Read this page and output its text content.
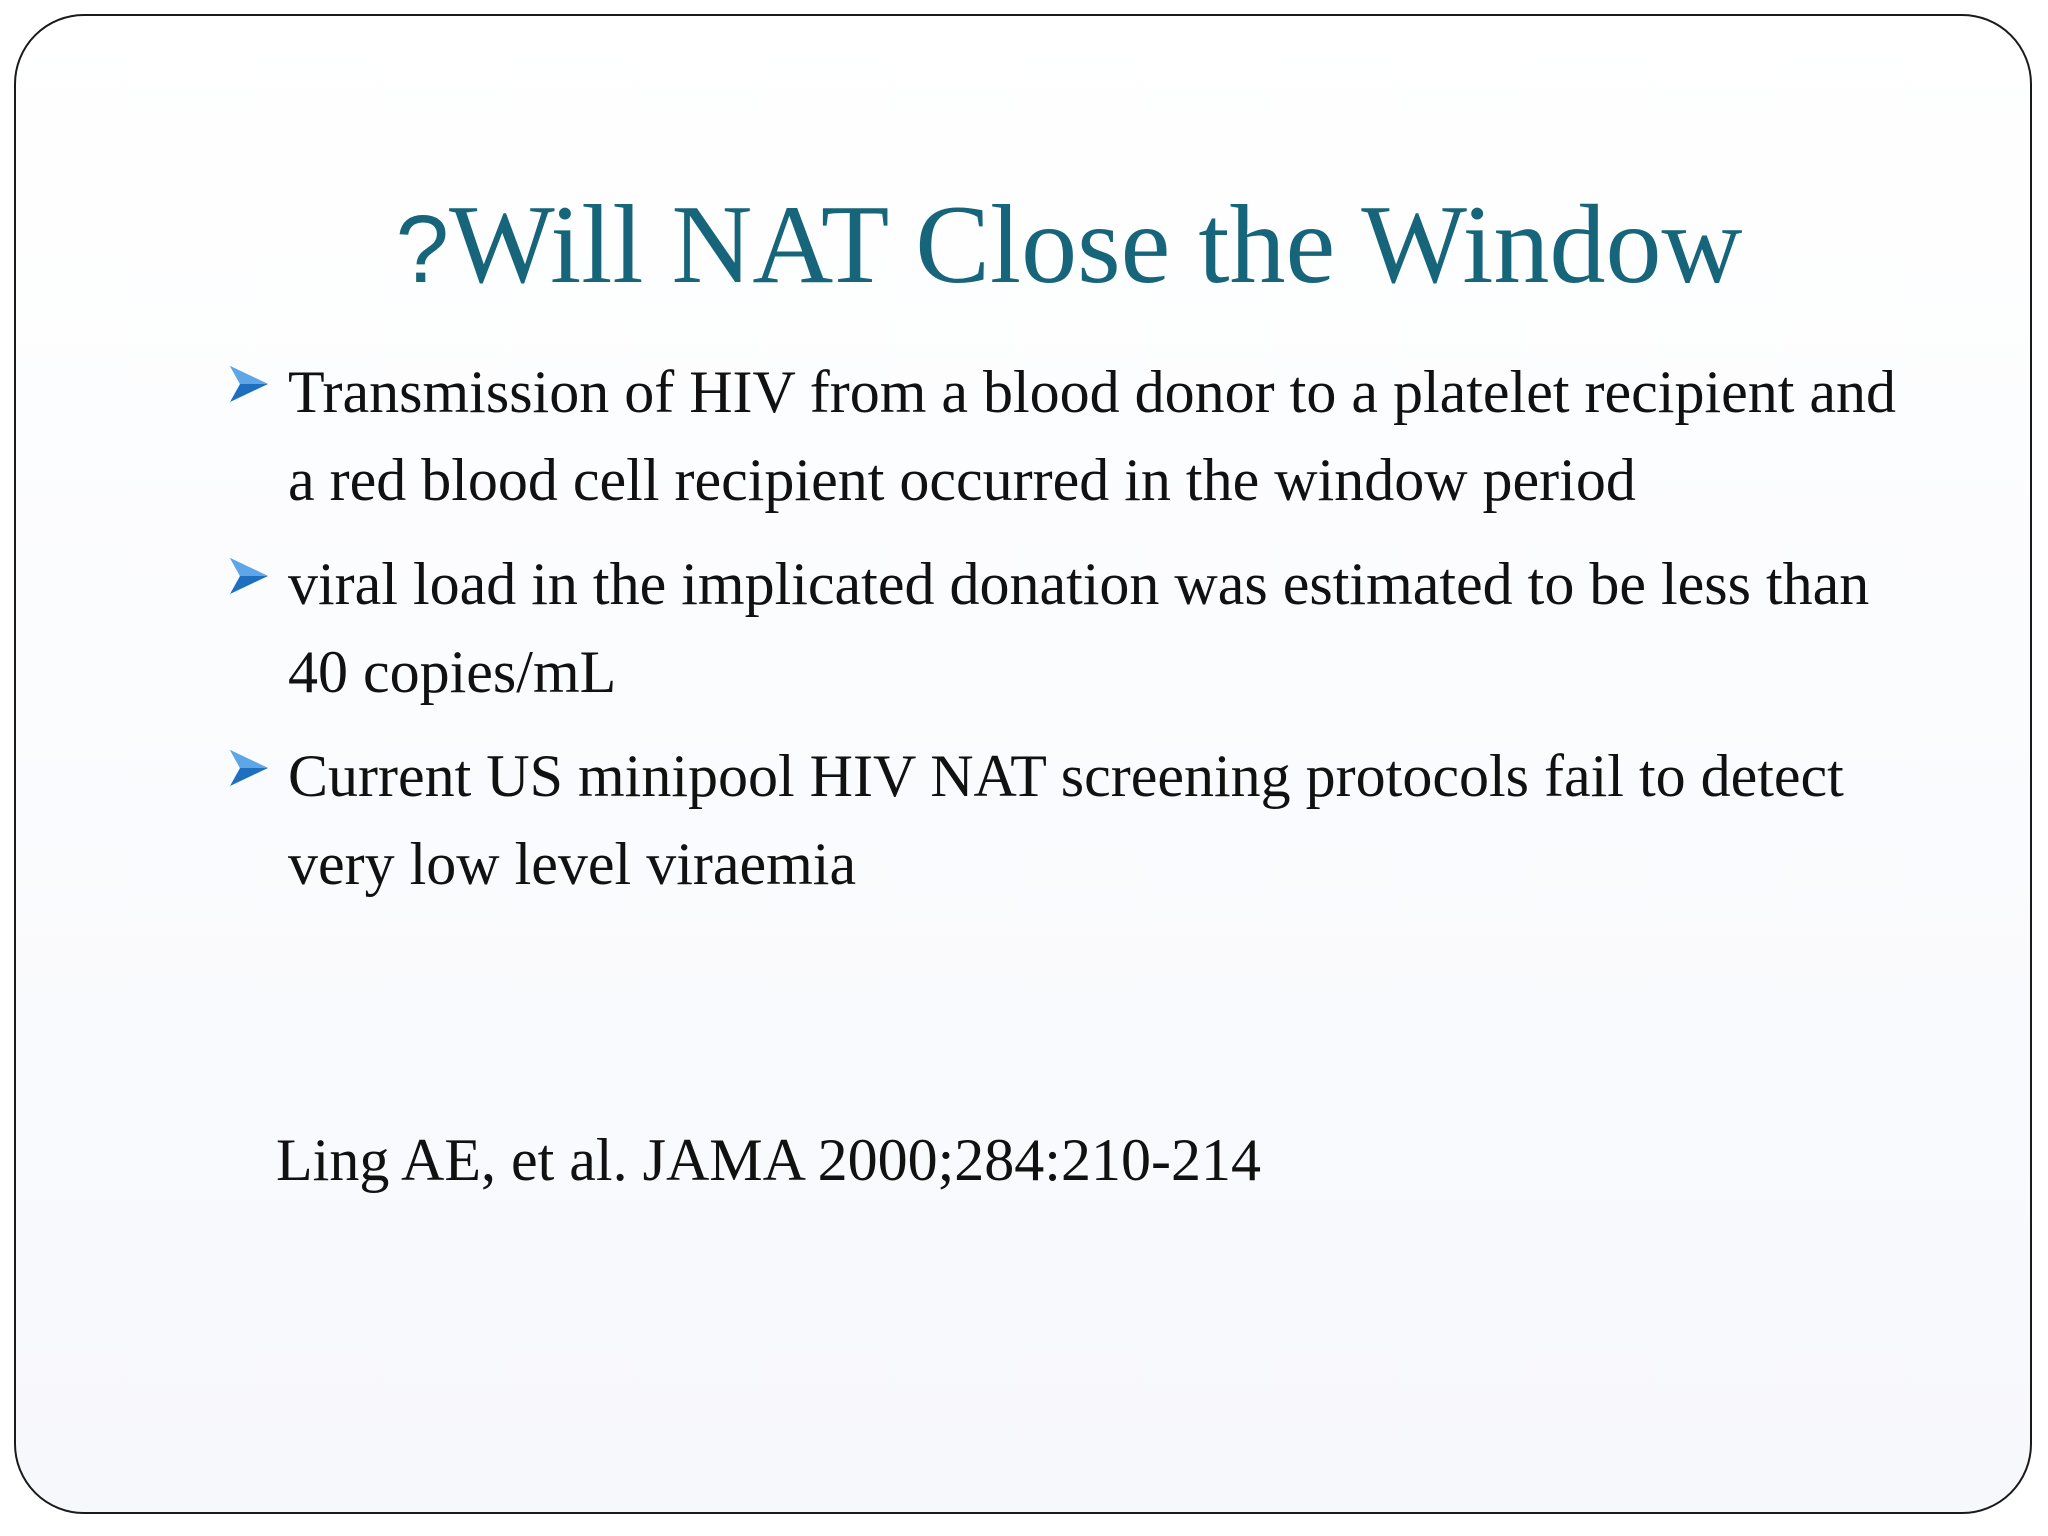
?Will NAT Close the Window
Transmission of HIV from a blood donor to a platelet recipient and a red blood cell recipient occurred in the window period
viral load in the implicated donation was estimated to be less than 40 copies/mL
Current US minipool HIV NAT screening protocols fail to detect very low level viraemia
Ling AE, et al. JAMA 2000;284:210-214
